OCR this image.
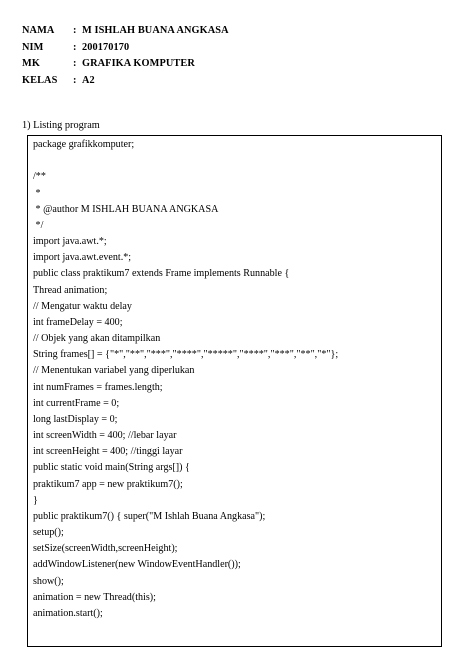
NAMA	: M ISHLAH BUANA ANGKASA
NIM	: 200170170
MK	: GRAFIKA KOMPUTER
KELAS	: A2
1) Listing program
package grafikkomputer;
/**
*
* @author M ISHLAH BUANA ANGKASA
*/
import java.awt.*;
import java.awt.event.*;
public class praktikum7 extends Frame implements Runnable {
Thread animation;
// Mengatur waktu delay
int frameDelay = 400;
// Objek yang akan ditampilkan
String frames[] = {"*","**","***","****","*****","****","***","**","*"};
// Menentukan variabel yang diperlukan
int numFrames = frames.length;
int currentFrame = 0;
long lastDisplay = 0;
int screenWidth = 400; //lebar layar
int screenHeight = 400; //tinggi layar
public static void main(String args[]) {
praktikum7 app = new praktikum7();
}
public praktikum7() { super("M Ishlah Buana Angkasa");
setup();
setSize(screenWidth,screenHeight);
addWindowListener(new WindowEventHandler());
show();
animation = new Thread(this);
animation.start();
